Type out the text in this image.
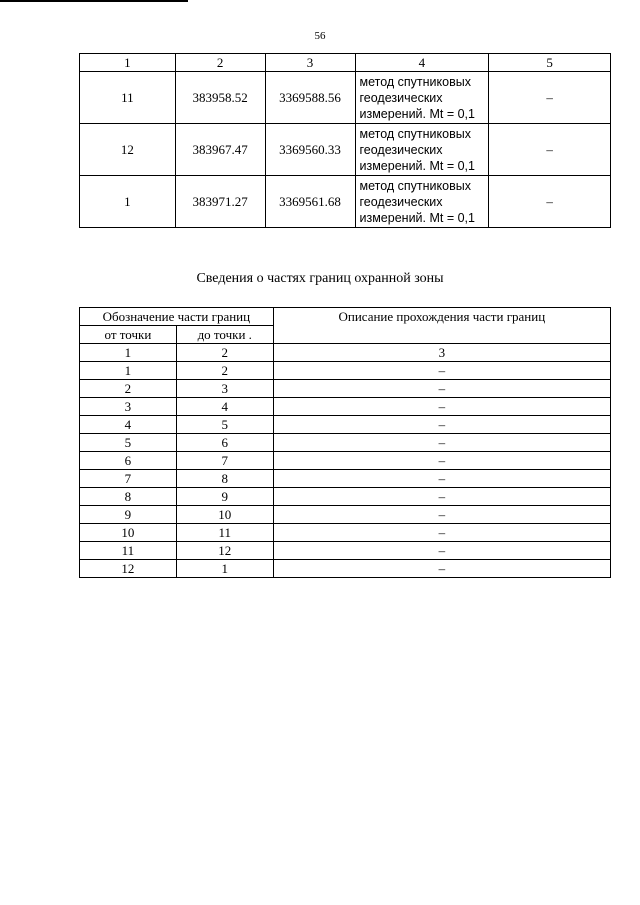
56
1	2	3	4	5
11	383958.52	3369588.56	метод спутниковых
геодезических
измерений. Mt = 0,1	–
12	383967.47	3369560.33	метод спутниковых
геодезических
измерений. Mt = 0,1	–
1	383971.27	3369561.68	метод спутниковых
геодезических
измерений. Mt = 0,1	–
Сведения о частях границ охранной зоны
Обозначение части границ		Описание прохождения части границ
от точки	до точки .	
1	2	3
1	2	–
2	3	–
3	4	–
4	5	–
5	6	–
6	7	–
7	8	–
8	9	–
9	10	–
10	11	–
11	12	–
12	1	–
